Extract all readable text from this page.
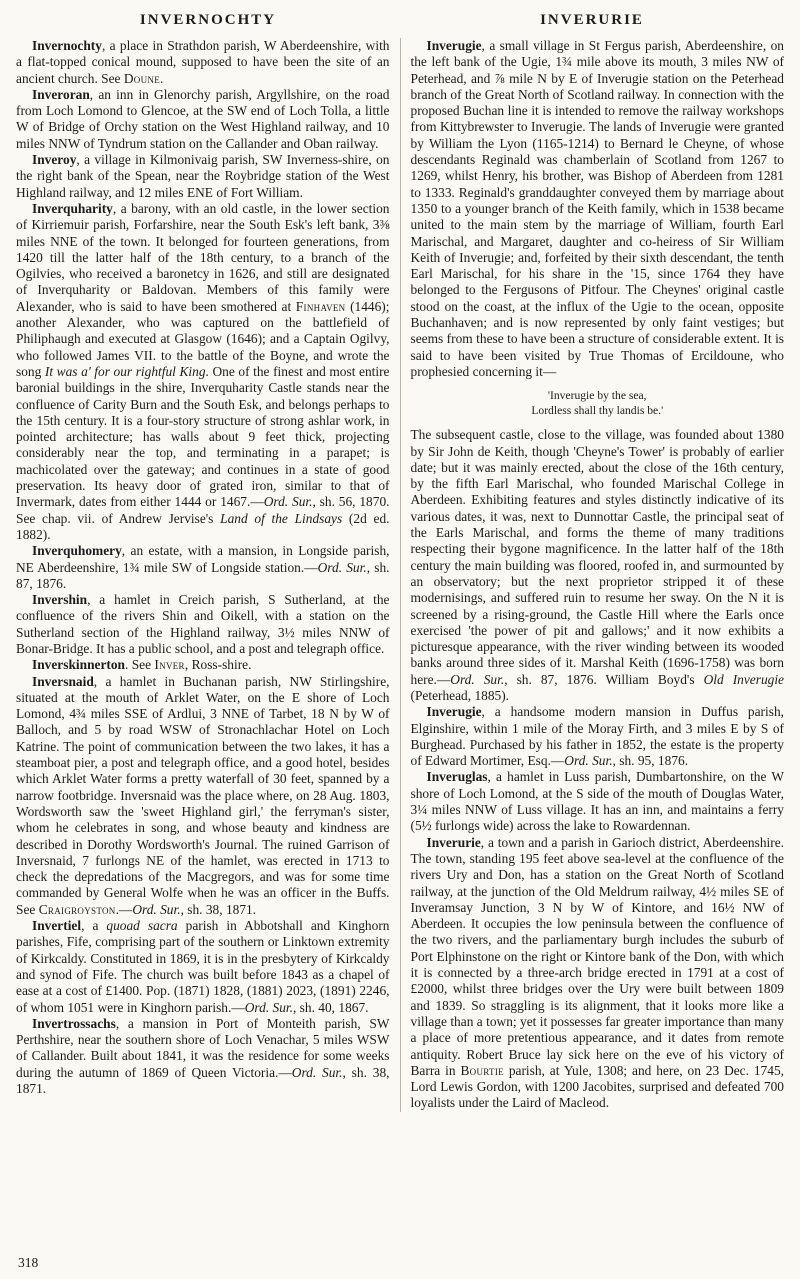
INVERNOCHTY	INVERURIE

Invernochty, a place in Strathdon parish, W Aberdeenshire, with a flat-topped conical mound, supposed to have been the site of an ancient church. See Doune.

Inveroran, an inn in Glenorchy parish, Argyllshire, on the road from Loch Lomond to Glencoe, at the SW end of Loch Tolla, a little W of Bridge of Orchy station on the West Highland railway, and 10 miles NNW of Tyndrum station on the Callander and Oban railway.

Inveroy, a village in Kilmonivaig parish, SW Inverness-shire, on the right bank of the Spean, near the Roybridge station of the West Highland railway, and 12 miles ENE of Fort William.

Inverquharity, a barony, with an old castle, in the lower section of Kirriemuir parish, Forfarshire, near the South Esk's left bank, 3⅜ miles NNE of the town. It belonged for fourteen generations, from 1420 till the latter half of the 18th century, to a branch of the Ogilvies, who received a baronetcy in 1626, and still are designated of Inverquharity or Baldovan. Members of this family were Alexander, who is said to have been smothered at Finhaven (1446); another Alexander, who was captured on the battlefield of Philiphaugh and executed at Glasgow (1646); and a Captain Ogilvy, who followed James VII. to the battle of the Boyne, and wrote the song It was a' for our rightful King. One of the finest and most entire baronial buildings in the shire, Inverquharity Castle stands near the confluence of Carity Burn and the South Esk, and belongs perhaps to the 15th century. It is a four-story structure of strong ashlar work, in pointed architecture; has walls about 9 feet thick, projecting considerably near the top, and terminating in a parapet; is machicolated over the gateway; and continues in a state of good preservation. Its heavy door of grated iron, similar to that of Invermark, dates from either 1444 or 1467.—Ord. Sur., sh. 56, 1870. See chap. vii. of Andrew Jervise's Land of the Lindsays (2d ed. 1882).

Inverquhomery, an estate, with a mansion, in Longside parish, NE Aberdeenshire, 1¾ mile SW of Longside station.—Ord. Sur., sh. 87, 1876.

Invershin, a hamlet in Creich parish, S Sutherland, at the confluence of the rivers Shin and Oikell, with a station on the Sutherland section of the Highland railway, 3½ miles NNW of Bonar-Bridge. It has a public school, and a post and telegraph office.

Inverskinnerton. See Inver, Ross-shire.

Inversnaid, a hamlet in Buchanan parish, NW Stirlingshire, situated at the mouth of Arklet Water, on the E shore of Loch Lomond, 4¾ miles SSE of Ardlui, 3 NNE of Tarbet, 18 N by W of Balloch, and 5 by road WSW of Stronachlachar Hotel on Loch Katrine. The point of communication between the two lakes, it has a steamboat pier, a post and telegraph office, and a good hotel, besides which Arklet Water forms a pretty waterfall of 30 feet, spanned by a narrow footbridge. Inversnaid was the place where, on 28 Aug. 1803, Wordsworth saw the 'sweet Highland girl,' the ferryman's sister, whom he celebrates in song, and whose beauty and kindness are described in Dorothy Wordsworth's Journal. The ruined Garrison of Inversnaid, 7 furlongs NE of the hamlet, was erected in 1713 to check the depredations of the Macgregors, and was for some time commanded by General Wolfe when he was an officer in the Buffs. See Craigroyston.—Ord. Sur., sh. 38, 1871.

Invertiel, a quoad sacra parish in Abbotshall and Kinghorn parishes, Fife, comprising part of the southern or Linktown extremity of Kirkcaldy. Constituted in 1869, it is in the presbytery of Kirkcaldy and synod of Fife. The church was built before 1843 as a chapel of ease at a cost of £1400. Pop. (1871) 1828, (1881) 2023, (1891) 2246, of whom 1051 were in Kinghorn parish.—Ord. Sur., sh. 40, 1867.

Invertrossachs, a mansion in Port of Monteith parish, SW Perthshire, near the southern shore of Loch Venachar, 5 miles WSW of Callander. Built about 1841, it was the residence for some weeks during the autumn of 1869 of Queen Victoria.—Ord. Sur., sh. 38, 1871.

Inverugie, a small village in St Fergus parish, Aberdeenshire, on the left bank of the Ugie, 1¾ mile above its mouth, 3 miles NW of Peterhead, and ⅞ mile N by E of Inverugie station on the Peterhead branch of the Great North of Scotland railway. In connection with the proposed Buchan line it is intended to remove the railway workshops from Kittybrewster to Inverugie. The lands of Inverugie were granted by William the Lyon (1165-1214) to Bernard le Cheyne, of whose descendants Reginald was chamberlain of Scotland from 1267 to 1269, whilst Henry, his brother, was Bishop of Aberdeen from 1281 to 1333. Reginald's granddaughter conveyed them by marriage about 1350 to a younger branch of the Keith family, which in 1538 became united to the main stem by the marriage of William, fourth Earl Marischal, and Margaret, daughter and co-heiress of Sir William Keith of Inverugie; and, forfeited by their sixth descendant, the tenth Earl Marischal, for his share in the '15, since 1764 they have belonged to the Fergusons of Pitfour. The Cheynes' original castle stood on the coast, at the influx of the Ugie to the ocean, opposite Buchanhaven; and is now represented by only faint vestiges; but seems from these to have been a structure of considerable extent. It is said to have been visited by True Thomas of Ercildoune, who prophesied concerning it—

'Inverugie by the sea,
Lordless shall thy landis be.'

The subsequent castle, close to the village, was founded about 1380 by Sir John de Keith, though 'Cheyne's Tower' is probably of earlier date; but it was mainly erected, about the close of the 16th century, by the fifth Earl Marischal, who founded Marischal College in Aberdeen. Exhibiting features and styles distinctly indicative of its various dates, it was, next to Dunnottar Castle, the principal seat of the Earls Marischal, and forms the theme of many traditions respecting their bygone magnificence. In the latter half of the 18th century the main building was floored, roofed in, and surmounted by an observatory; but the next proprietor stripped it of these modernisings, and suffered ruin to resume her sway. On the N it is screened by a rising-ground, the Castle Hill where the Earls once exercised 'the power of pit and gallows;' and it now exhibits a picturesque appearance, with the river winding between its wooded banks around three sides of it. Marshal Keith (1696-1758) was born here.—Ord. Sur., sh. 87, 1876. William Boyd's Old Inverugie (Peterhead, 1885).

Inverugie, a handsome modern mansion in Duffus parish, Elginshire, within 1 mile of the Moray Firth, and 3 miles E by S of Burghead. Purchased by his father in 1852, the estate is the property of Edward Mortimer, Esq.—Ord. Sur., sh. 95, 1876.

Inveruglas, a hamlet in Luss parish, Dumbartonshire, on the W shore of Loch Lomond, at the S side of the mouth of Douglas Water, 3¼ miles NNW of Luss village. It has an inn, and maintains a ferry (5½ furlongs wide) across the lake to Rowardennan.

Inverurie, a town and a parish in Garioch district, Aberdeenshire. The town, standing 195 feet above sea-level at the confluence of the rivers Ury and Don, has a station on the Great North of Scotland railway, at the junction of the Old Meldrum railway, 4½ miles SE of Inveramsay Junction, 3 N by W of Kintore, and 16½ NW of Aberdeen. It occupies the low peninsula between the confluence of the two rivers, and the parliamentary burgh includes the suburb of Port Elphinstone on the right or Kintore bank of the Don, with which it is connected by a three-arch bridge erected in 1791 at a cost of £2000, whilst three bridges over the Ury were built between 1809 and 1839. So straggling is its alignment, that it looks more like a village than a town; yet it possesses far greater importance than many a place of more pretentious appearance, and it dates from remote antiquity. Robert Bruce lay sick here on the eve of his victory of Barra in Bourtie parish, at Yule, 1308; and here, on 23 Dec. 1745, Lord Lewis Gordon, with 1200 Jacobites, surprised and defeated 700 loyalists under the Laird of Macleod.

318
